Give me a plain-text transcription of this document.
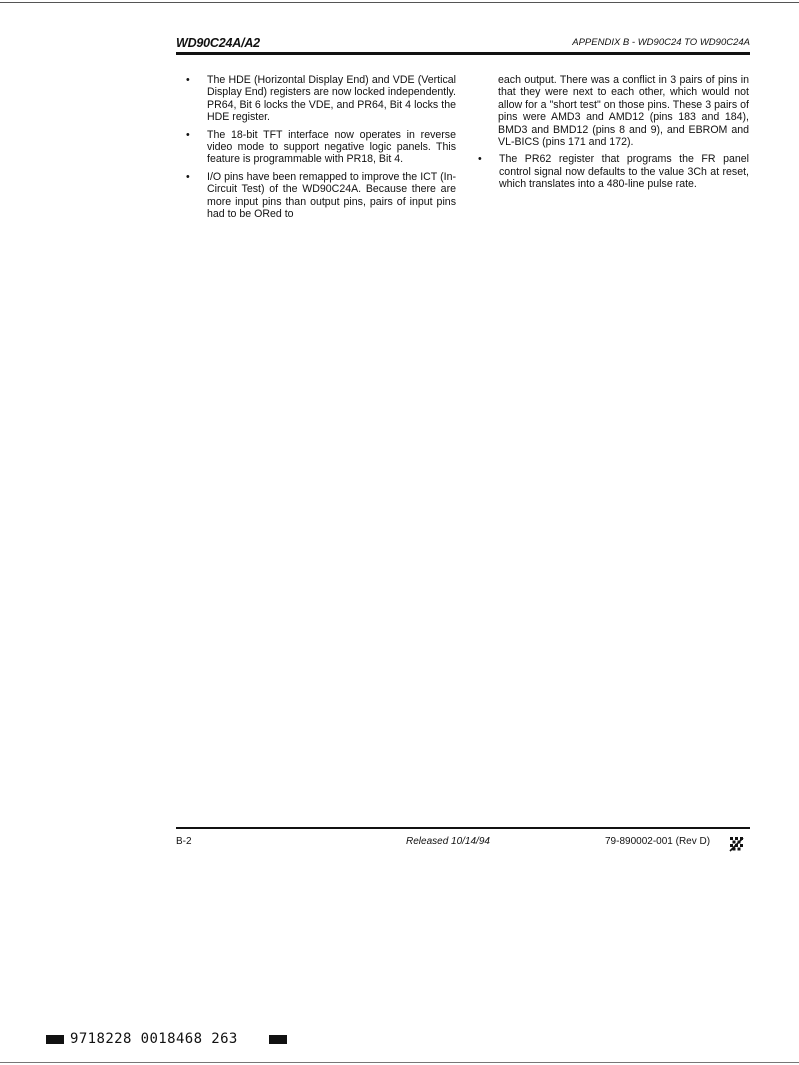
WD90C24A/A2	APPENDIX B - WD90C24 TO WD90C24A
• The HDE (Horizontal Display End) and VDE (Vertical Display End) registers are now locked independently. PR64, Bit 6 locks the VDE, and PR64, Bit 4 locks the HDE register.
• The 18-bit TFT interface now operates in reverse video mode to support negative logic panels. This feature is programmable with PR18, Bit 4.
• I/O pins have been remapped to improve the ICT (In-Circuit Test) of the WD90C24A. Because there are more input pins than output pins, pairs of input pins had to be ORed to
each output. There was a conflict in 3 pairs of pins in that they were next to each other, which would not allow for a "short test" on those pins. These 3 pairs of pins were AMD3 and AMD12 (pins 183 and 184), BMD3 and BMD12 (pins 8 and 9), and EBROM and VL-BICS (pins 171 and 172).
• The PR62 register that programs the FR panel control signal now defaults to the value 3Ch at reset, which translates into a 480-line pulse rate.
B-2	Released 10/14/94	79-890002-001 (Rev D)
9718228 0018468 263
